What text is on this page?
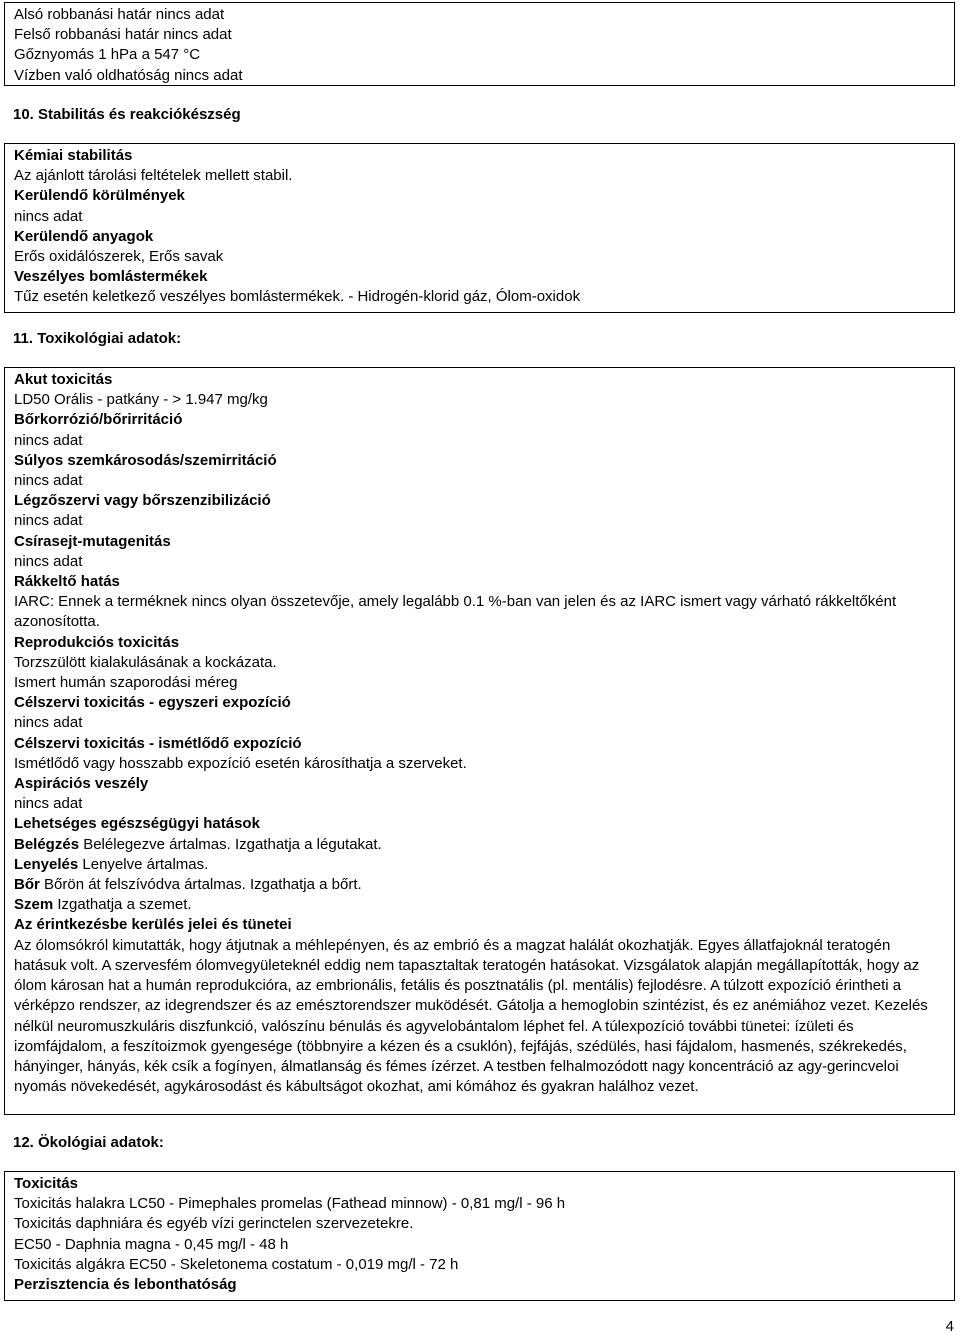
Alsó robbanási határ nincs adat
Felső robbanási határ nincs adat
Gőznyomás 1 hPa a 547 °C
Vízben való oldhatóság nincs adat
10. Stabilitás és reakciókészség
Kémiai stabilitás
Az ajánlott tárolási feltételek mellett stabil.
Kerülendő körülmények
nincs adat
Kerülendő anyagok
Erős oxidálószerek, Erős savak
Veszélyes bomlástermékek
Tűz esetén keletkező veszélyes bomlástermékek. - Hidrogén-klorid gáz, Ólom-oxidok
11. Toxikológiai adatok:
Akut toxicitás
LD50 Orális - patkány - > 1.947 mg/kg
Bőrkorrózió/bőrirritáció
nincs adat
Súlyos szemkárosodás/szemirritáció
nincs adat
Légzőszervi vagy bőrszenzibilizáció
nincs adat
Csírasejt-mutagenitás
nincs adat
Rákkeltő hatás
IARC: Ennek a terméknek nincs olyan összetevője, amely legalább 0.1 %-ban van jelen és az IARC ismert vagy várható rákkeltőként azonosította.
Reprodukciós toxicitás
Torzszülött kialakulásának a kockázata.
Ismert humán szaporodási méreg
Célszervi toxicitás - egyszeri expozíció
nincs adat
Célszervi toxicitás - ismétlődő expozíció
Ismétlődő vagy hosszabb expozíció esetén károsíthatja a szerveket.
Aspirációs veszély
nincs adat
Lehetséges egészségügyi hatások
Belégzés Belélegezve ártalmas. Izgathatja a légutakat.
Lenyelés Lenyelve ártalmas.
Bőr Bőrön át felszívódva ártalmas. Izgathatja a bőrt.
Szem Izgathatja a szemet.
Az érintkezésbe kerülés jelei és tünetei
Az ólomsókról kimutatták, hogy átjutnak a méhlepényen, és az embrió és a magzat halálát okozhatják. Egyes állatfajoknál teratogén hatásuk volt. A szervesfém ólomvegyületeknél eddig nem tapasztaltak teratogén hatásokat. Vizsgálatok alapján megállapították, hogy az ólom károsan hat a humán reprodukcióra, az embrionális, fetális és posztnatális (pl. mentális) fejlodésre. A túlzott expozíció érintheti a vérképzo rendszer, az idegrendszer és az emésztorendszer muködését. Gátolja a hemoglobin szintézist, és ez anémiához vezet. Kezelés nélkül neuromuszkuláris diszfunkció, valószínu bénulás és agyvelobántalom léphet fel. A túlexpozíció további tünetei: ízületi és izomfájdalom, a feszítoizmok gyengesége (többnyire a kézen és a csuklón), fejfájás, szédülés, hasi fájdalom, hasmenés, székrekedés, hányinger, hányás, kék csík a fogínyen, álmatlanság és fémes ízérzet. A testben felhalmozódott nagy koncentráció az agy-gerincveloi nyomás növekedését, agykárosodást és kábultságot okozhat, ami kómához és gyakran halálhoz vezet.
12. Ökológiai adatok:
Toxicitás
Toxicitás halakra LC50 - Pimephales promelas (Fathead minnow) - 0,81 mg/l - 96 h
Toxicitás daphniára és egyéb vízi gerinctelen szervezetekre.
EC50 - Daphnia magna - 0,45 mg/l - 48 h
Toxicitás algákra EC50 - Skeletonema costatum - 0,019 mg/l - 72 h
Perzisztencia és lebonthatóság
4
